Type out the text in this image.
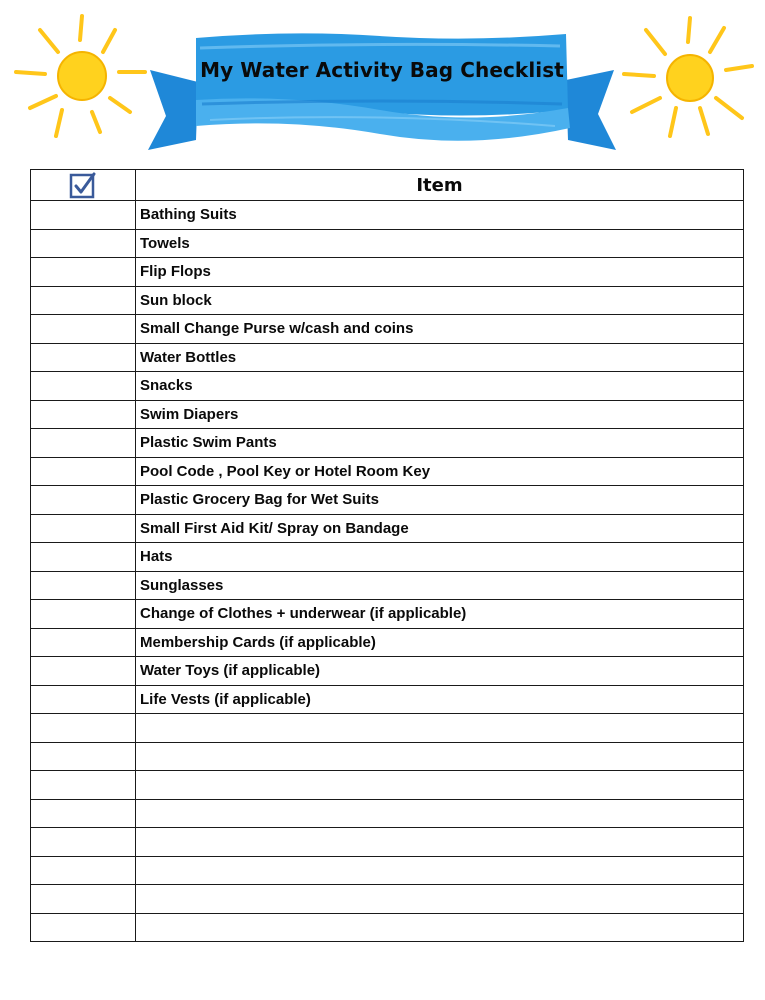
My Water Activity Bag Checklist
	Item
	Bathing Suits
	Towels
	Flip Flops
	Sun block
	Small Change Purse w/cash and coins
	Water Bottles
	Snacks
	Swim Diapers
	Plastic Swim Pants
	Pool Code , Pool Key or Hotel Room Key
	Plastic Grocery Bag for Wet Suits
	Small First Aid Kit/ Spray on Bandage
	Hats
	Sunglasses
	Change of Clothes + underwear (if applicable)
	Membership Cards (if applicable)
	Water Toys (if applicable)
	Life Vests (if applicable)
